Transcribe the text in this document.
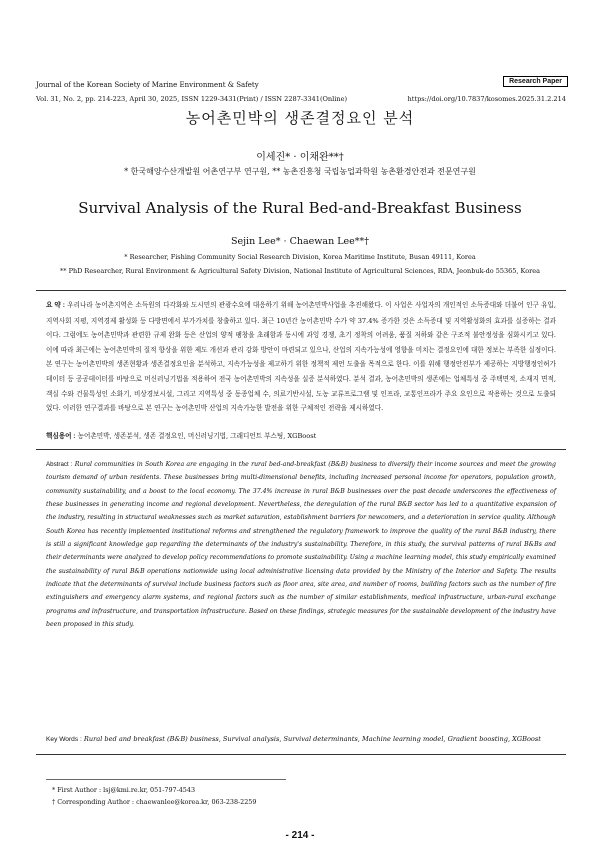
Journal of the Korean Society of Marine Environment & Safety	Research Paper
Vol. 31, No. 2, pp. 214-223, April 30, 2025, ISSN 1229-3431(Print) / ISSN 2287-3341(Online)	https://doi.org/10.7837/kosomes.2025.31.2.214
농어촌민박의 생존결정요인 분석
이세진* · 이채완**†
* 한국해양수산개발원 어촌연구부 연구원, ** 농촌진흥청 국립농업과학원 농촌환경안전과 전문연구원
Survival Analysis of the Rural Bed-and-Breakfast Business
Sejin Lee* · Chaewan Lee**†
* Researcher, Fishing Community Social Research Division, Korea Maritime Institute, Busan 49111, Korea
** PhD Researcher, Rural Environment & Agricultural Safety Division, National Institute of Agricultural Sciences, RDA, Jeonbuk-do 55365, Korea
요 약 : 우리나라 농어촌지역은 소득원의 다각화와 도시민의 관광수요에 대응하기 위해 농어촌민박사업을 추진해왔다. 이 사업은 사업자의 개인적인 소득증대와 더불어 인구 유입, 지역사회 지평, 지역경제 활성화 등 다방면에서 부가가치를 창출하고 있다. 최근 10년간 농어촌민박 수가 약 37.4% 증가한 것은 소득증대 및 지역활성화의 효과를 실증하는 결과이다. 그럼에도 농어촌민박과 관련한 규제 완화 등은 산업의 양적 팽창을 초래함과 동시에 과잉 경쟁, 초기 정착의 어려움, 품질 저하와 같은 구조적 불안정성을 심화시키고 있다. 이에 따라 최근에는 농어촌민박의 질적 향상을 위한 제도 개선과 관리 강화 방안이 마련되고 있으나, 산업의 지속가능성에 영향을 미치는 결정요인에 대한 정보는 부족한 실정이다. 본 연구는 농어촌민박의 생존현황과 생존결정요인을 분석하고, 지속가능성을 제고하기 위한 정책적 제언 도출을 목적으로 한다. 이를 위해 행정안전부가 제공하는 지방행정인허가 데이터 등 공공데이터를 바탕으로 머신러닝기법을 적용하여 전국 농어촌민박의 지속성을 실증 분석하였다. 분석 결과, 농어촌민박의 생존에는 업체특성 중 주택면적, 소재지 면적, 객실 수와 건물특성인 소화기, 비상경보시설, 그리고 지역특성 중 동종업체 수, 의료기반시설, 도농 교류프로그램 및 인프라, 교통인프라가 주요 요인으로 작용하는 것으로 도출되었다. 이러한 연구결과를 바탕으로 본 연구는 농어촌민박 산업의 지속가능한 발전을 위한 구체적인 전략을 제시하였다.
핵심용어 : 농어촌민박, 생존분석, 생존 결정요인, 머신러닝기법, 그래디언트 부스팅, XGBoost
Abstract : Rural communities in South Korea are engaging in the rural bed-and-breakfast (B&B) business to diversify their income sources and meet the growing tourism demand of urban residents. These businesses bring multi-dimensional benefits, including increased personal income for operators, population growth, community sustainability, and a boost to the local economy. The 37.4% increase in rural B&B businesses over the past decade underscores the effectiveness of these businesses in generating income and regional development. Nevertheless, the deregulation of the rural B&B sector has led to a quantitative expansion of the industry, resulting in structural weaknesses such as market saturation, establishment barriers for newcomers, and a deterioration in service quality. Although South Korea has recently implemented institutional reforms and strengthened the regulatory framework to improve the quality of the rural B&B industry, there is still a significant knowledge gap regarding the determinants of the industry's sustainability. Therefore, in this study, the survival patterns of rural B&Bs and their determinants were analyzed to develop policy recommendations to promote sustainability. Using a machine learning model, this study empirically examined the sustainability of rural B&B operations nationwide using local administrative licensing data provided by the Ministry of the Interior and Safety. The results indicate that the determinants of survival include business factors such as floor area, site area, and number of rooms, building factors such as the number of fire extinguishers and emergency alarm systems, and regional factors such as the number of similar establishments, medical infrastructure, urban-rural exchange programs and infrastructure, and transportation infrastructure. Based on these findings, strategic measures for the sustainable development of the industry have been proposed in this study.
Key Words : Rural bed and breakfast (B&B) business, Survival analysis, Survival determinants, Machine learning model, Gradient boosting, XGBoost
* First Author : lsj@kmi.re.kr, 051-797-4543
† Corresponding Author : chaewanlee@korea.kr, 063-238-2259
- 214 -
